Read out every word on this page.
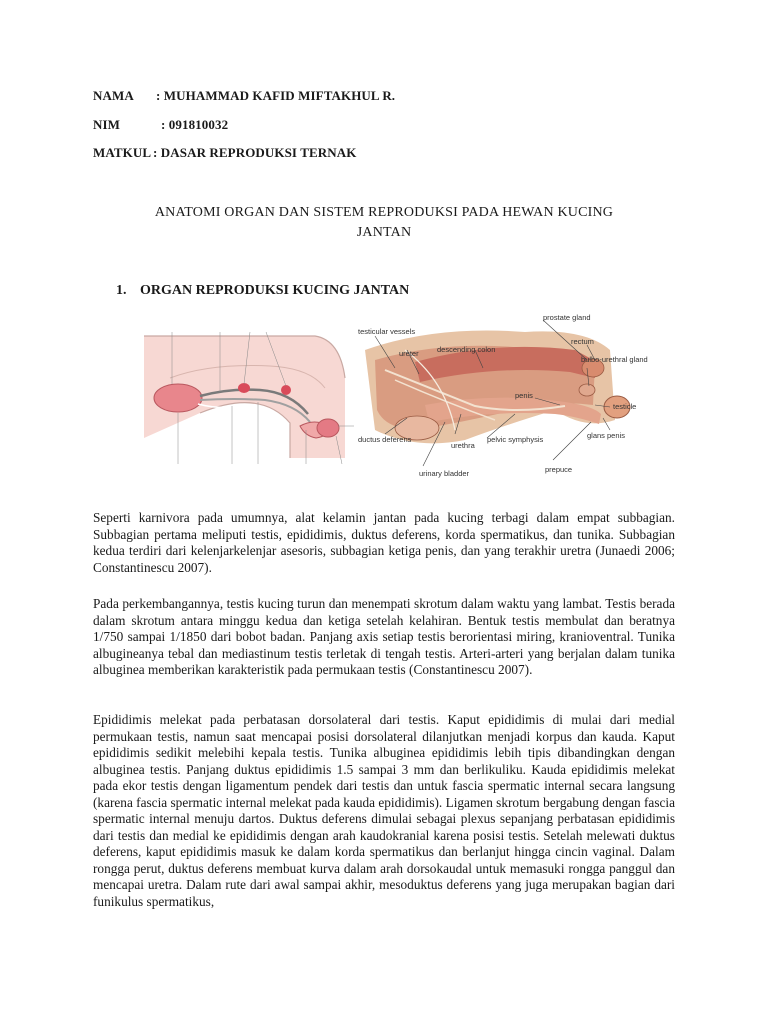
NAMA : MUHAMMAD KAFID MIFTAKHUL R.
NIM	: 091810032
MATKUL : DASAR REPRODUKSI TERNAK
ANATOMI ORGAN DAN SISTEM REPRODUKSI PADA HEWAN KUCING
JANTAN
1. ORGAN REPRODUKSI KUCING JANTAN
prostate gland
testicular vessels
ureter descending colon
rectum
bulbo-urethral gland
penis
testicle
glans penis
ductus deferens
urethra
pelvic symphysis
urinary bladder	prepuce

Seperti karnivora pada umumnya, alat kelamin jantan pada kucing terbagi dalam empat subbagian. Subbagian pertama meliputi testis, epididimis, duktus deferens, korda spermatikus, dan tunika. Subbagian kedua terdiri dari kelenjarkelenjar asesoris, subbagian ketiga penis, dan yang terakhir uretra (Junaedi 2006; Constantinescu 2007).

Pada perkembangannya, testis kucing turun dan menempati skrotum dalam waktu yang lambat. Testis berada dalam skrotum antara minggu kedua dan ketiga setelah kelahiran. Bentuk testis membulat dan beratnya 1/750 sampai 1/1850 dari bobot badan. Panjang axis setiap testis berorientasi miring, kranioventral. Tunika albugineanya tebal dan mediastinum testis terletak di tengah testis. Arteri-arteri yang berjalan dalam tunika albuginea memberikan karakteristik pada permukaan testis (Constantinescu 2007).

Epididimis melekat pada perbatasan dorsolateral dari testis. Kaput epididimis di mulai dari medial permukaan testis, namun saat mencapai posisi dorsolateral dilanjutkan menjadi korpus dan kauda. Kaput epididimis sedikit melebihi kepala testis. Tunika albuginea epididimis lebih tipis dibandingkan dengan albuginea testis. Panjang duktus epididimis 1.5 sampai 3 mm dan berlikuliku. Kauda epididimis melekat pada ekor testis dengan ligamentum pendek dari testis dan untuk fascia spermatic internal secara langsung (karena fascia spermatic internal melekat pada kauda epididimis). Ligamen skrotum bergabung dengan fascia spermatic internal menuju dartos. Duktus deferens dimulai sebagai plexus sepanjang perbatasan epididimis dari testis dan medial ke epididimis dengan arah kaudokranial karena posisi testis. Setelah melewati duktus deferens, kaput epididimis masuk ke dalam korda spermatikus dan berlanjut hingga cincin vaginal. Dalam rongga perut, duktus deferens membuat kurva dalam arah dorsokaudal untuk memasuki rongga panggul dan mencapai uretra. Dalam rute dari awal sampai akhir, mesoduktus deferens yang juga merupakan bagian dari funikulus spermatikus,
